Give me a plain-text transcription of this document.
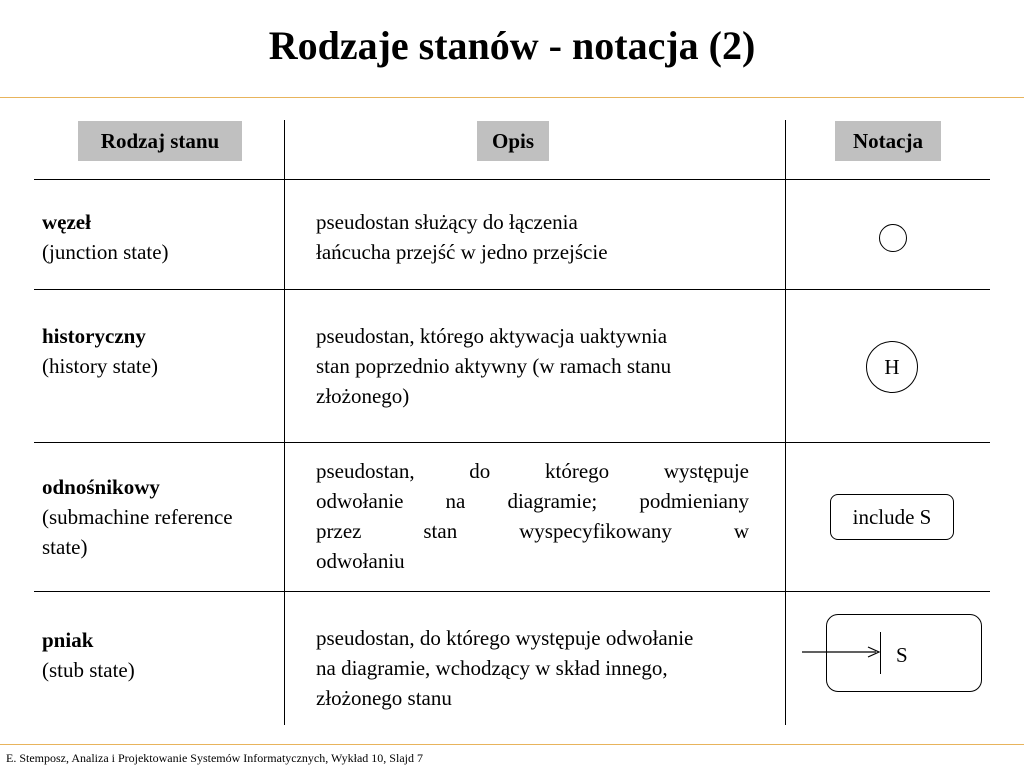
Rodzaje stanów - notacja (2)
Rodzaj stanu	Opis	Notacja
węzeł
(junction state)
pseudostan służący do łączenia
łańcucha przejść w jedno przejście
historyczny
(history state)
pseudostan, którego aktywacja uaktywnia
stan poprzednio aktywny (w ramach stanu
złożonego)
H
odnośnikowy
(submachine reference
state)
pseudostan, do którego występuje
odwołanie na diagramie; podmieniany
przez stan wyspecyfikowany w
odwołaniu
include S
pniak
(stub state)
pseudostan, do którego występuje odwołanie
na diagramie, wchodzący w skład innego,
złożonego stanu
S
E. Stemposz, Analiza i Projektowanie Systemów Informatycznych, Wykład 10, Slajd 7
